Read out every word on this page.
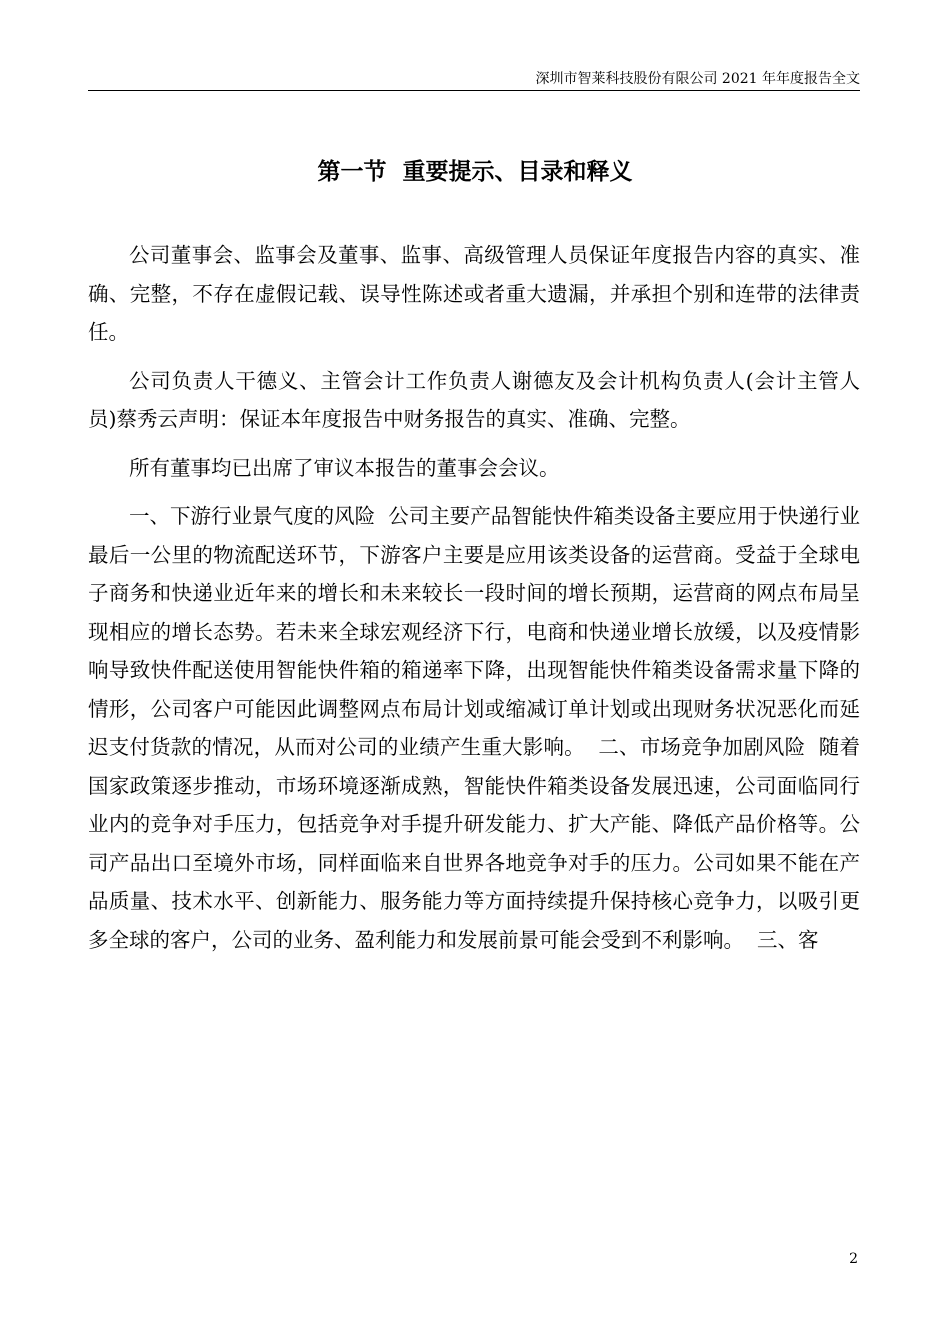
深圳市智莱科技股份有限公司 2021 年年度报告全文
第一节  重要提示、目录和释义

公司董事会、监事会及董事、监事、高级管理人员保证年度报告内容的真实、准确、完整，不存在虚假记载、误导性陈述或者重大遗漏，并承担个别和连带的法律责任。

公司负责人干德义、主管会计工作负责人谢德友及会计机构负责人(会计主管人员)蔡秀云声明：保证本年度报告中财务报告的真实、准确、完整。

所有董事均已出席了审议本报告的董事会会议。

一、下游行业景气度的风险  公司主要产品智能快件箱类设备主要应用于快递行业最后一公里的物流配送环节，下游客户主要是应用该类设备的运营商。受益于全球电子商务和快递业近年来的增长和未来较长一段时间的增长预期，运营商的网点布局呈现相应的增长态势。若未来全球宏观经济下行，电商和快递业增长放缓，以及疫情影响导致快件配送使用智能快件箱的箱递率下降，出现智能快件箱类设备需求量下降的情形，公司客户可能因此调整网点布局计划或缩减订单计划或出现财务状况恶化而延迟支付货款的情况，从而对公司的业绩产生重大影响。  二、市场竞争加剧风险  随着国家政策逐步推动，市场环境逐渐成熟，智能快件箱类设备发展迅速，公司面临同行业内的竞争对手压力，包括竞争对手提升研发能力、扩大产能、降低产品价格等。公司产品出口至境外市场，同样面临来自世界各地竞争对手的压力。公司如果不能在产品质量、技术水平、创新能力、服务能力等方面持续提升保持核心竞争力，以吸引更多全球的客户，公司的业务、盈利能力和发展前景可能会受到不利影响。  三、客

2
